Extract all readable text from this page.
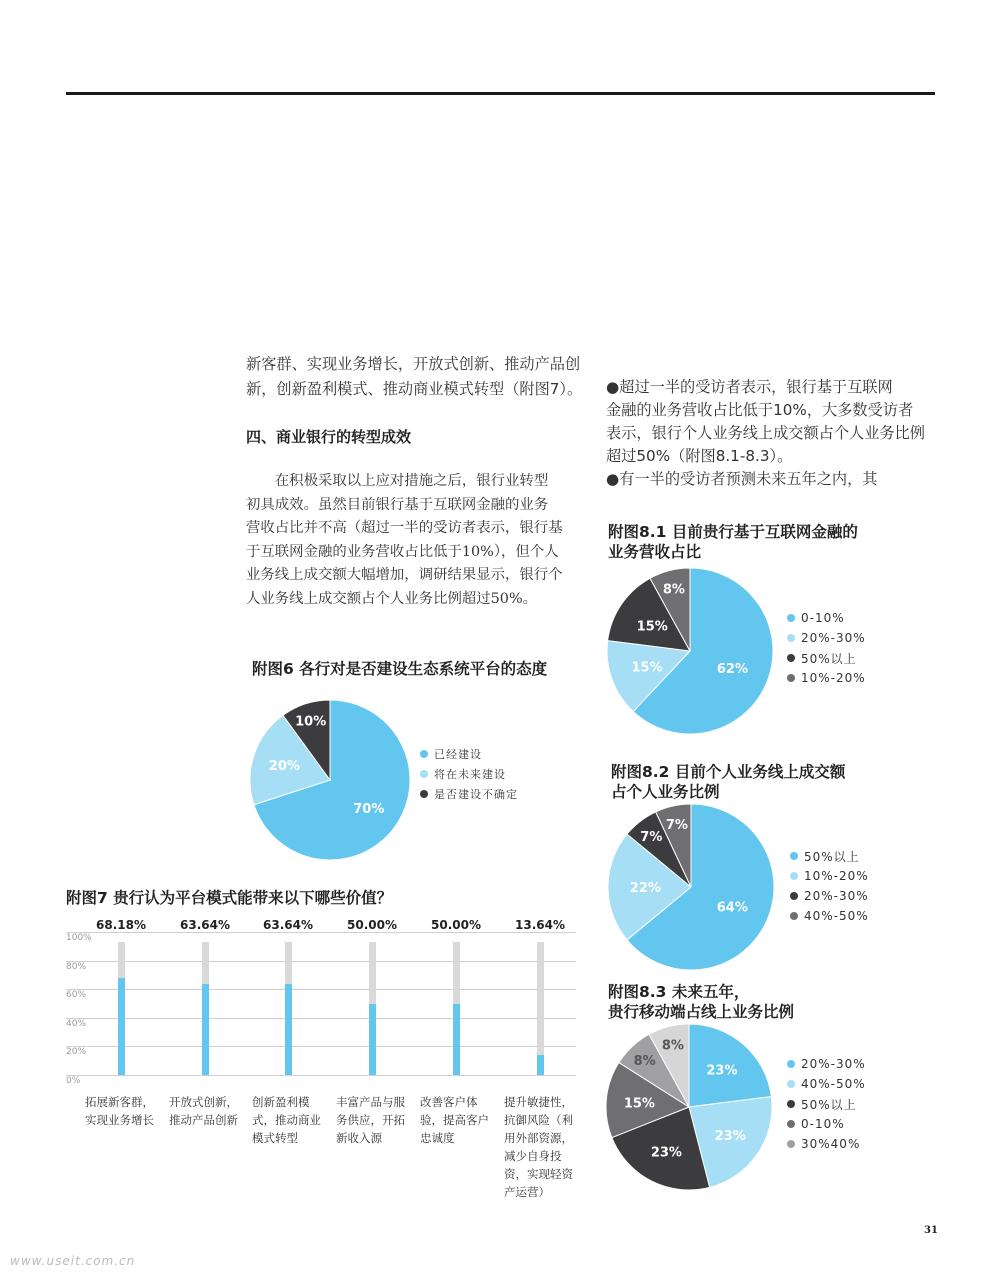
新客群、实现业务增长，开放式创新、推动产品创

新，创新盈利模式、推动商业模式转型（附图7）。

四、商业银行的转型成效

　　在积极采取以上应对措施之后，银行业转型

初具成效。虽然目前银行基于互联网金融的业务

营收占比并不高（超过一半的受访者表示，银行基

于互联网金融的业务营收占比低于10%），但个人

业务线上成交额大幅增加，调研结果显示，银行个

人业务线上成交额占个人业务比例超过50%。

●超过一半的受访者表示，银行基于互联网

金融的业务营收占比低于10%，大多数受访者

表示，银行个人业务线上成交额占个人业务比例

超过50%（附图8.1-8.3）。

●有一半的受访者预测未来五年之内，其

附图6 各行对是否建设生态系统平台的态度

70%
20%
10%
已经建设
将在未来建设
是否建设不确定

附图7 贵行认为平台模式能带来以下哪些价值？

100%
80%
60%
40%
20%
0%
68.18%

拓展新客群，

实现业务增长

63.64%

开放式创新，

推动产品创新

63.64%

创新盈利模

式，推动商业

模式转型

50.00%

丰富产品与服

务供应，开拓

新收入源

50.00%

改善客户体

验，提高客户

忠诚度

13.64%

提升敏捷性，

抗御风险（利

用外部资源，

减少自身投

资，实现轻资

产运营）

附图8.1 目前贵行基于互联网金融的

业务营收占比

62%
15%
15%
8%
0-10%
20%-30%
50%以上
10%-20%

附图8.2 目前个人业务线上成交额

占个人业务比例

64%
22%
7%
7%
50%以上
10%-20%
20%-30%
40%-50%

附图8.3 未来五年，

贵行移动端占线上业务比例

23%
23%
23%
15%
8%
8%
20%-30%
40%-50%
50%以上
0-10%
30%40%
31
www.useit.com.cn
